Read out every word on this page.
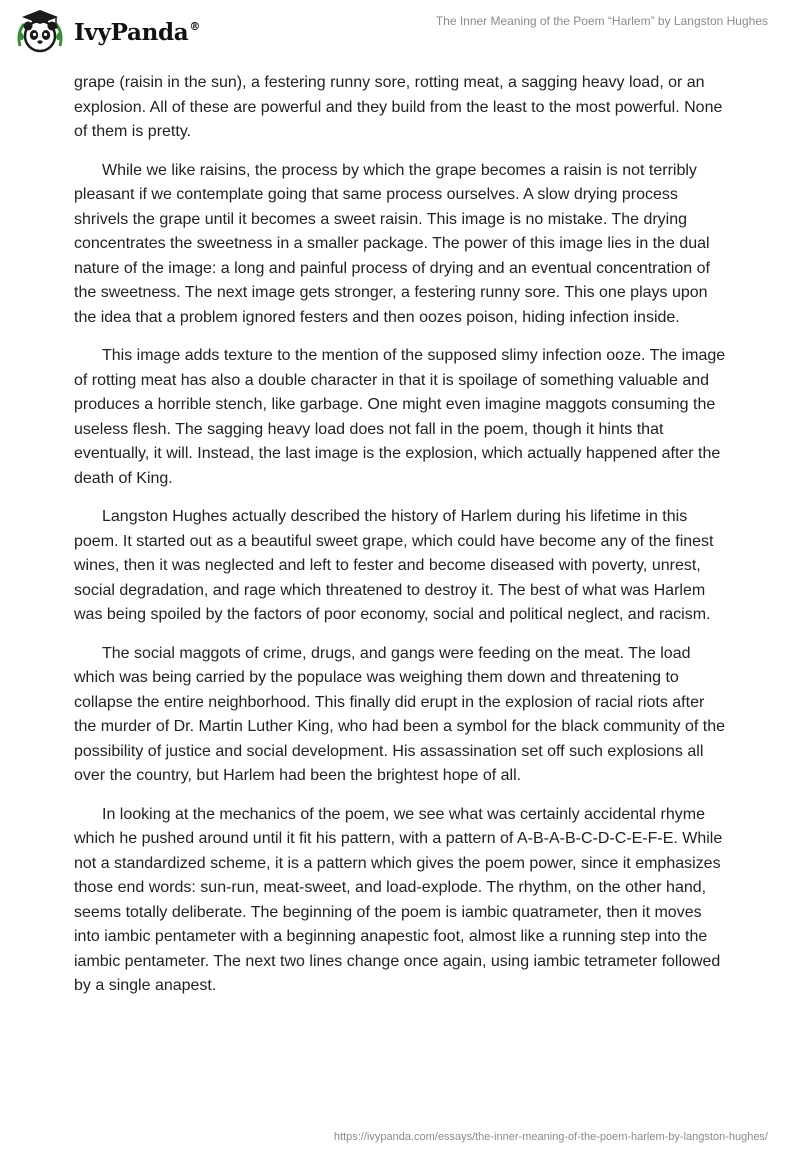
IvyPanda®	The Inner Meaning of the Poem “Harlem” by Langston Hughes

grape (raisin in the sun), a festering runny sore, rotting meat, a sagging heavy load, or an explosion. All of these are powerful and they build from the least to the most powerful. None of them is pretty.

While we like raisins, the process by which the grape becomes a raisin is not terribly pleasant if we contemplate going that same process ourselves. A slow drying process shrivels the grape until it becomes a sweet raisin. This image is no mistake. The drying concentrates the sweetness in a smaller package. The power of this image lies in the dual nature of the image: a long and painful process of drying and an eventual concentration of the sweetness. The next image gets stronger, a festering runny sore. This one plays upon the idea that a problem ignored festers and then oozes poison, hiding infection inside.

This image adds texture to the mention of the supposed slimy infection ooze. The image of rotting meat has also a double character in that it is spoilage of something valuable and produces a horrible stench, like garbage. One might even imagine maggots consuming the useless flesh. The sagging heavy load does not fall in the poem, though it hints that eventually, it will. Instead, the last image is the explosion, which actually happened after the death of King.

Langston Hughes actually described the history of Harlem during his lifetime in this poem. It started out as a beautiful sweet grape, which could have become any of the finest wines, then it was neglected and left to fester and become diseased with poverty, unrest, social degradation, and rage which threatened to destroy it. The best of what was Harlem was being spoiled by the factors of poor economy, social and political neglect, and racism.

The social maggots of crime, drugs, and gangs were feeding on the meat. The load which was being carried by the populace was weighing them down and threatening to collapse the entire neighborhood. This finally did erupt in the explosion of racial riots after the murder of Dr. Martin Luther King, who had been a symbol for the black community of the possibility of justice and social development. His assassination set off such explosions all over the country, but Harlem had been the brightest hope of all.

In looking at the mechanics of the poem, we see what was certainly accidental rhyme which he pushed around until it fit his pattern, with a pattern of A-B-A-B-C-D-C-E-F-E. While not a standardized scheme, it is a pattern which gives the poem power, since it emphasizes those end words: sun-run, meat-sweet, and load-explode. The rhythm, on the other hand, seems totally deliberate. The beginning of the poem is iambic quatrameter, then it moves into iambic pentameter with a beginning anapestic foot, almost like a running step into the iambic pentameter. The next two lines change once again, using iambic tetrameter followed by a single anapest.

https://ivypanda.com/essays/the-inner-meaning-of-the-poem-harlem-by-langston-hughes/
